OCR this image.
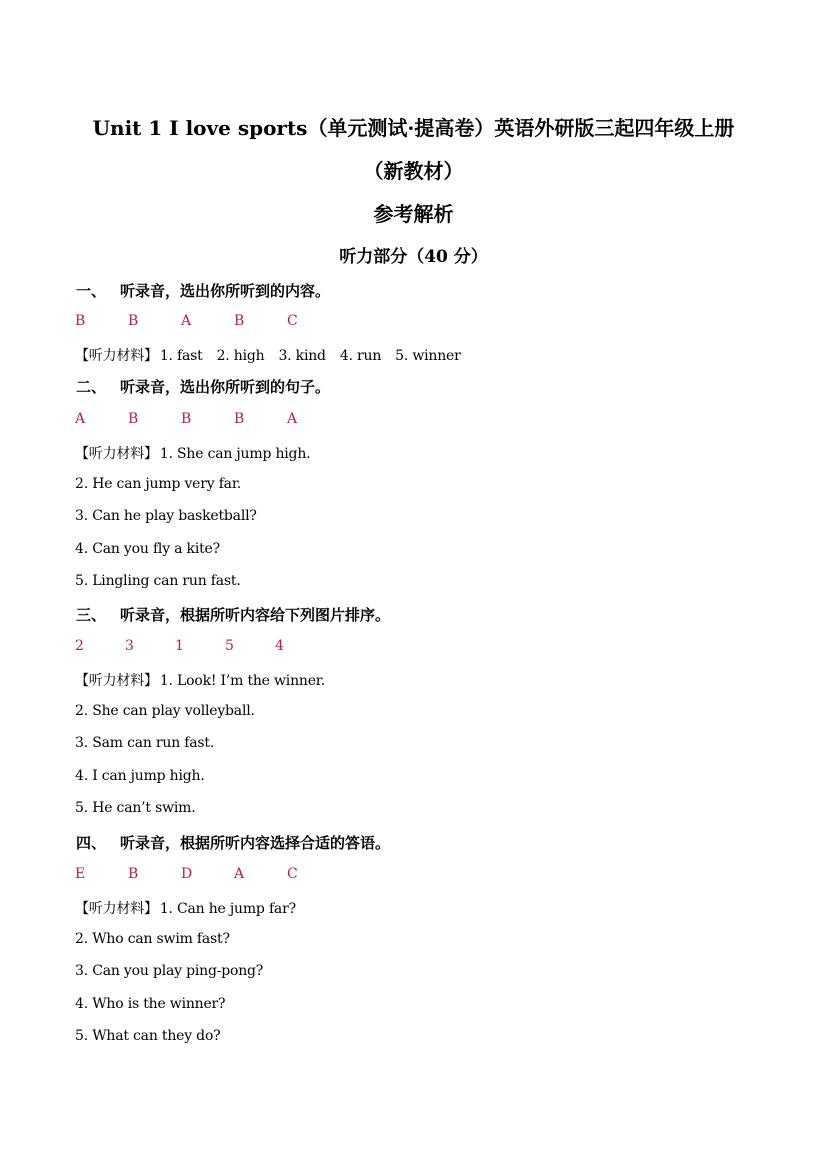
Unit 1 I love sports（单元测试·提高卷）英语外研版三起四年级上册
（新教材）
参考解析
听力部分（40 分）
一、 听录音，选出你所听到的内容。
B	B	A	B	C
【听力材料】 1. fast 2. high 3. kind 4. run 5. winner
二、 听录音，选出你所听到的句子。
A	B	B	B	A
【听力材料】 1. She can jump high.
2. He can jump very far.
3. Can he play basketball?
4. Can you fly a kite?
5. Lingling can run fast.
三、 听录音，根据所听内容给下列图片排序。
2	3	1	5	4
【听力材料】 1. Look! I’m the winner.
2. She can play volleyball.
3. Sam can run fast.
4. I can jump high.
5. He can’t swim.
四、 听录音，根据所听内容选择合适的答语。
E	B	D	A	C
【听力材料】 1. Can he jump far?
2. Who can swim fast?
3. Can you play ping-pong?
4. Who is the winner?
5. What can they do?
